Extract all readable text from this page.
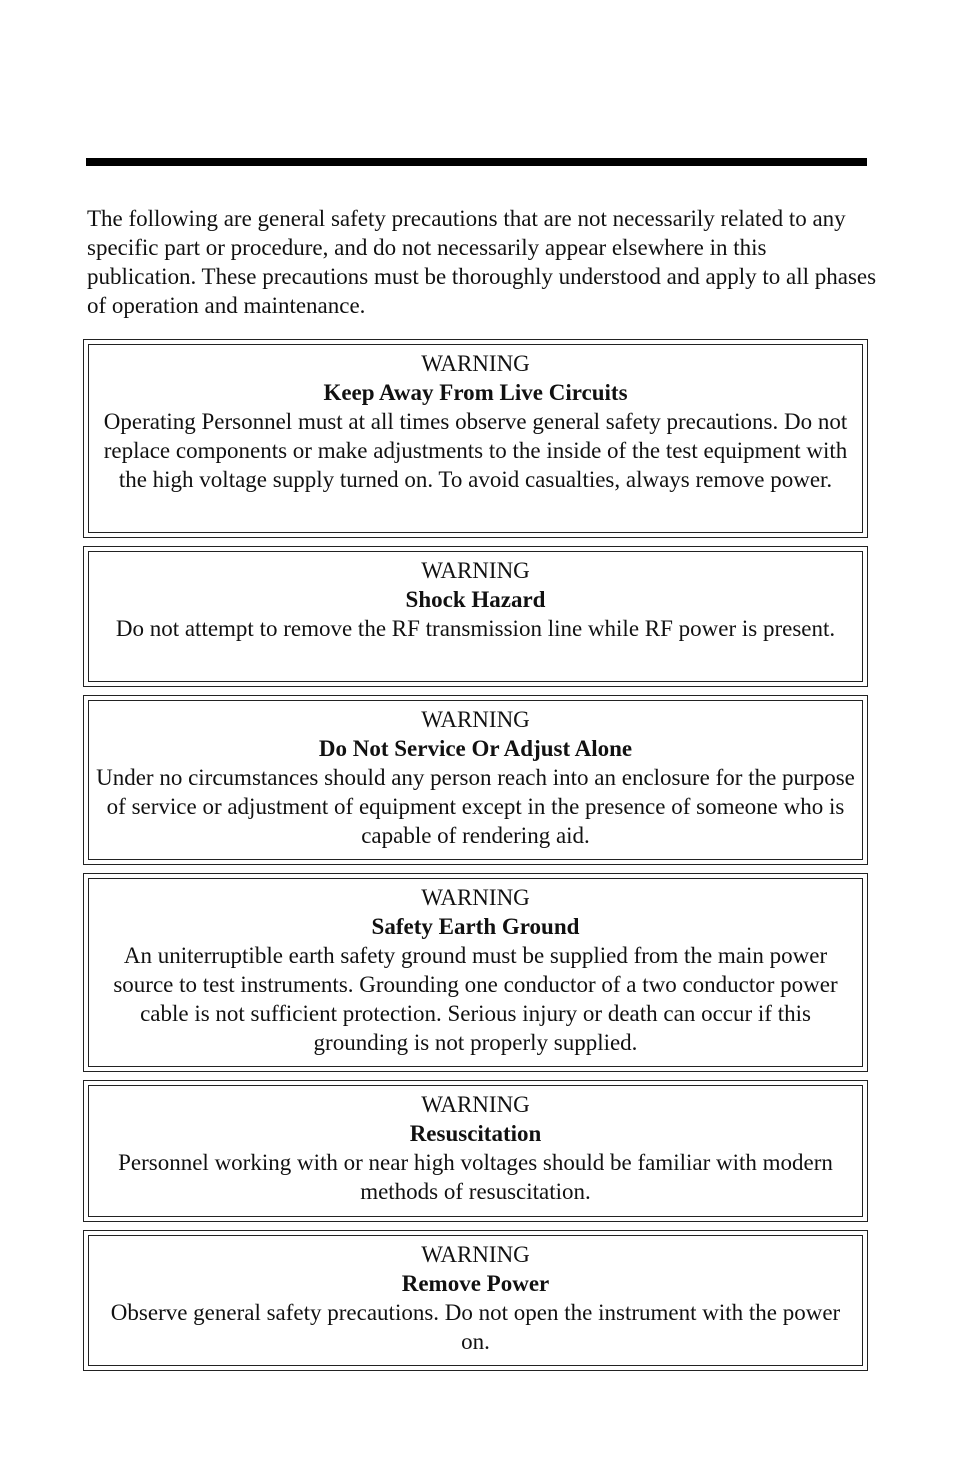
The following are general safety precautions that are not necessarily related to any specific part or procedure, and do not necessarily appear elsewhere in this publication. These precautions must be thoroughly understood and apply to all phases of operation and maintenance.

WARNING
Keep Away From Live Circuits
Operating Personnel must at all times observe general safety precautions. Do not replace components or make adjustments to the inside of the test equipment with the high voltage supply turned on. To avoid casualties, always remove power.
WARNING
Shock Hazard
Do not attempt to remove the RF transmission line while RF power is present.
WARNING
Do Not Service Or Adjust Alone
Under no circumstances should any person reach into an enclosure for the purpose of service or adjustment of equipment except in the presence of someone who is capable of rendering aid.
WARNING
Safety Earth Ground
An uniterruptible earth safety ground must be supplied from the main power source to test instruments. Grounding one conductor of a two conductor power cable is not sufficient protection. Serious injury or death can occur if this grounding is not properly supplied.
WARNING
Resuscitation
Personnel working with or near high voltages should be familiar with modern methods of resuscitation.
WARNING
Remove Power
Observe general safety precautions. Do not open the instrument with the power on.
